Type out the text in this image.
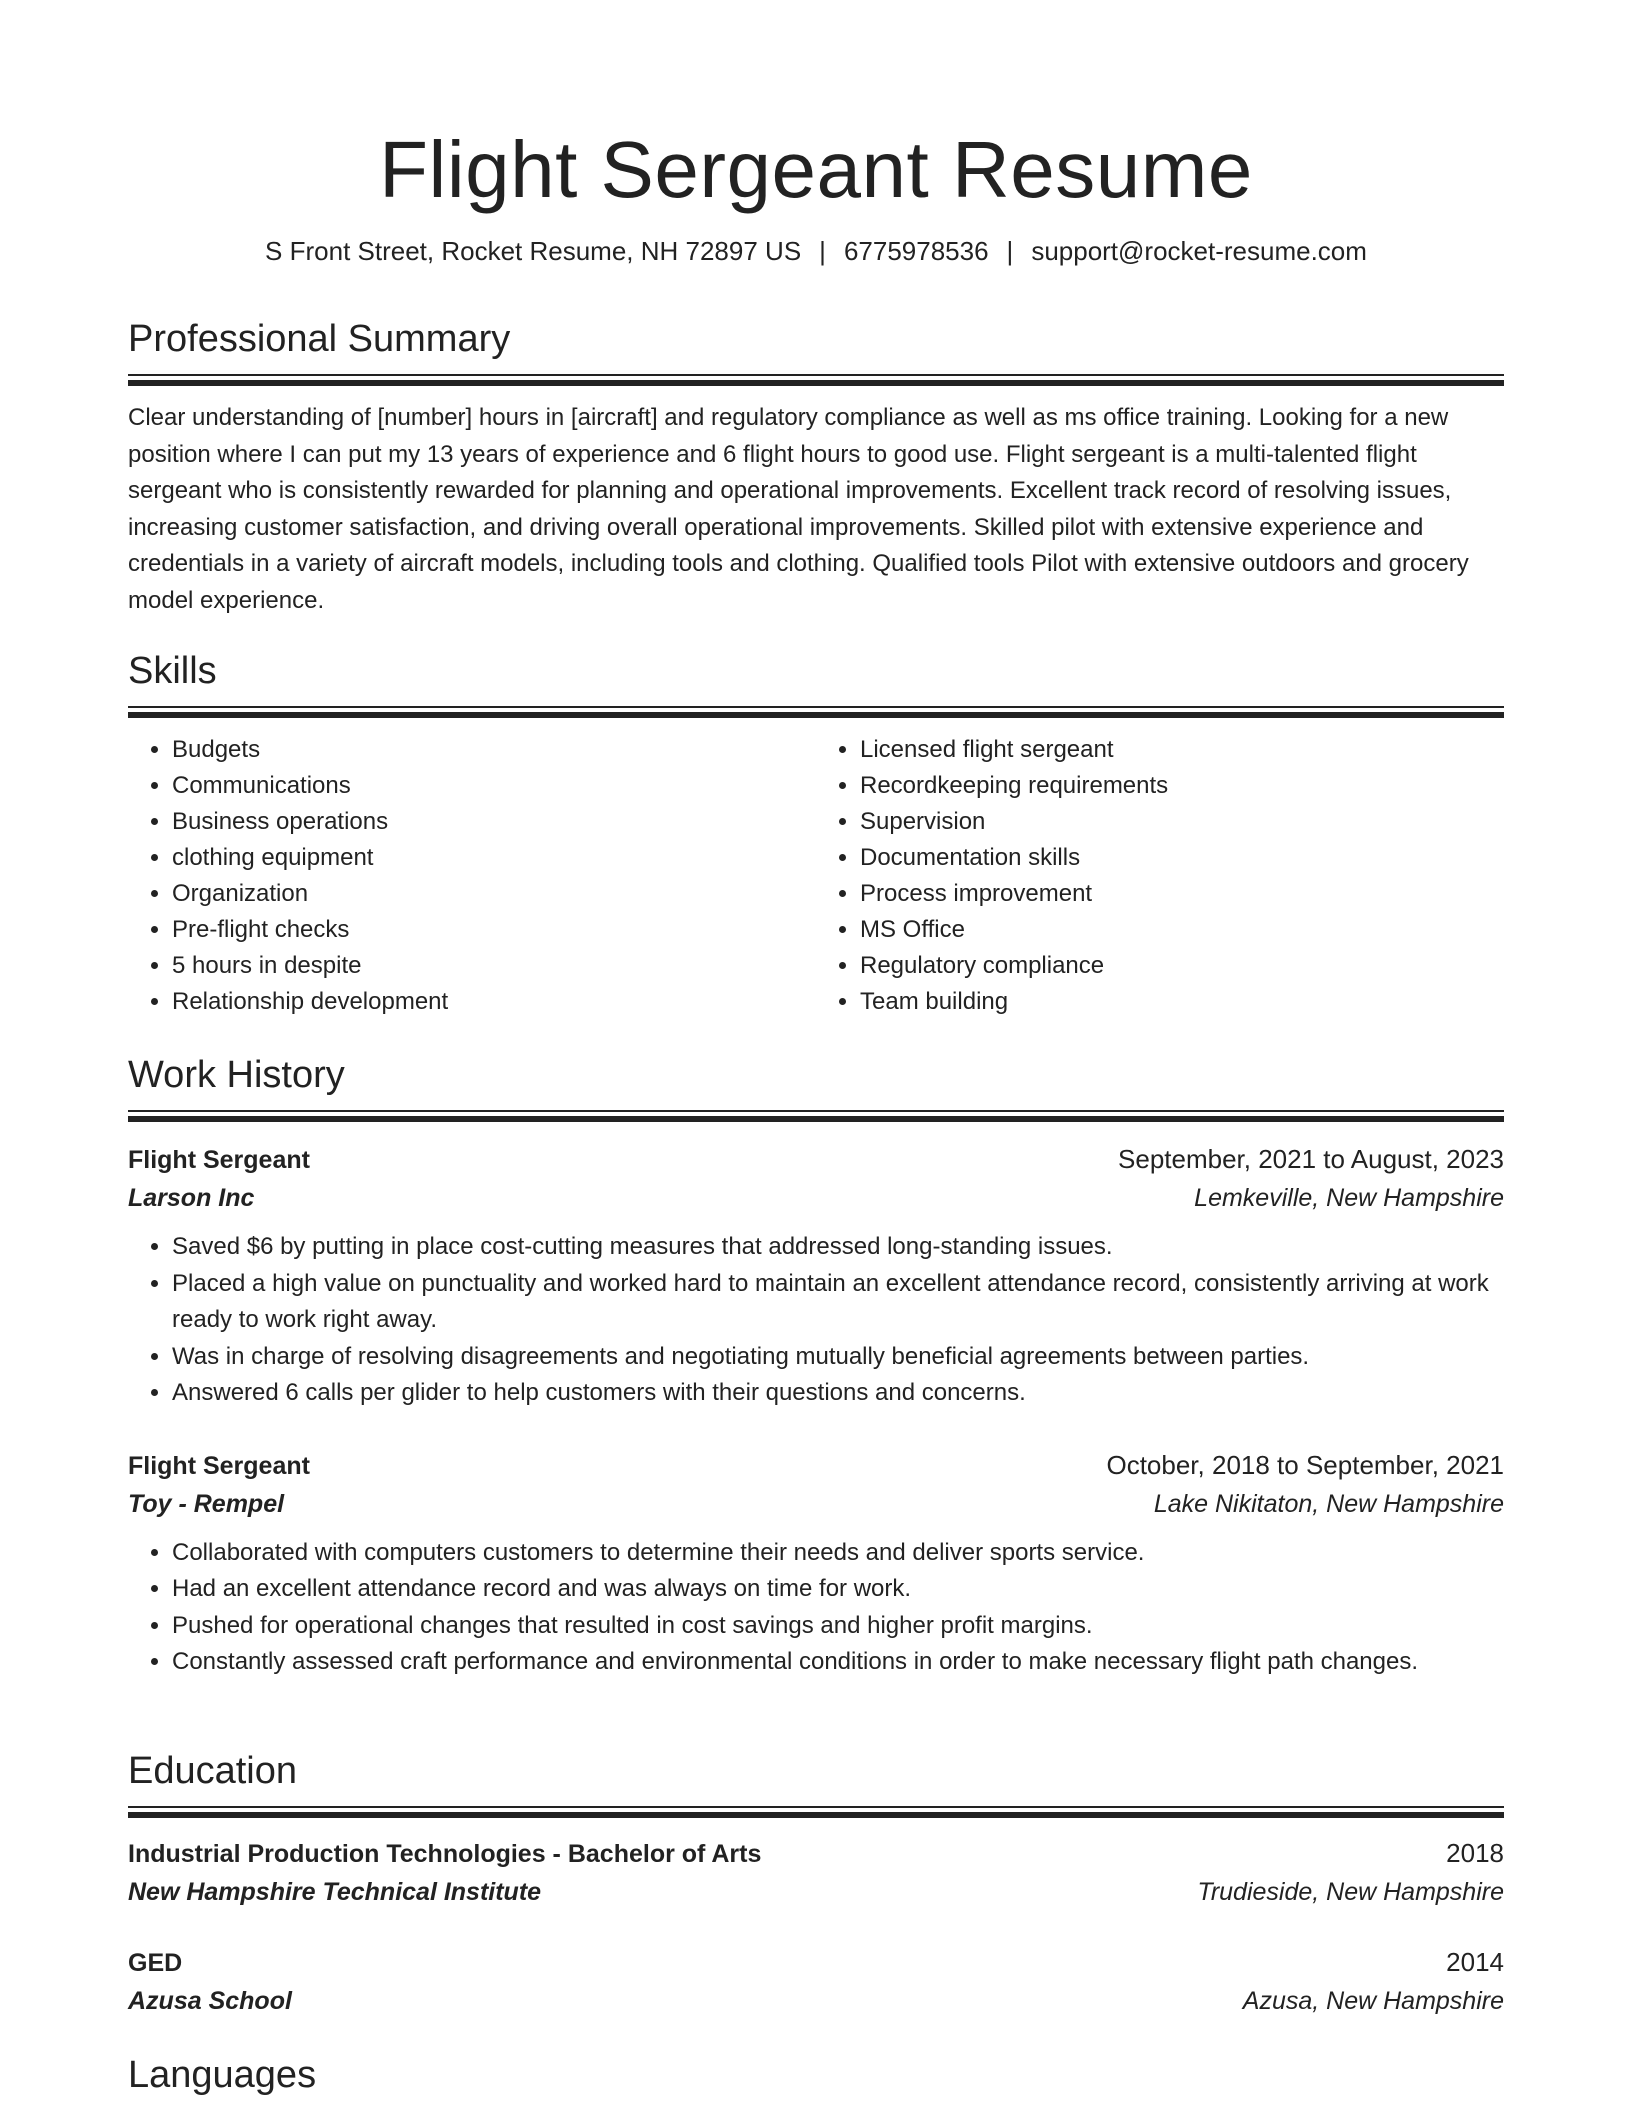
Flight Sergeant Resume
S Front Street, Rocket Resume, NH 72897 US | 6775978536 | support@rocket-resume.com
Professional Summary
Clear understanding of [number] hours in [aircraft] and regulatory compliance as well as ms office training. Looking for a new position where I can put my 13 years of experience and 6 flight hours to good use. Flight sergeant is a multi-talented flight sergeant who is consistently rewarded for planning and operational improvements. Excellent track record of resolving issues, increasing customer satisfaction, and driving overall operational improvements. Skilled pilot with extensive experience and credentials in a variety of aircraft models, including tools and clothing. Qualified tools Pilot with extensive outdoors and grocery model experience.
Skills
• Budgets
• Communications
• Business operations
• clothing equipment
• Organization
• Pre-flight checks
• 5 hours in despite
• Relationship development
• Licensed flight sergeant
• Recordkeeping requirements
• Supervision
• Documentation skills
• Process improvement
• MS Office
• Regulatory compliance
• Team building
Work History
Flight Sergeant	September, 2021 to August, 2023
Larson Inc	Lemkeville, New Hampshire
• Saved $6 by putting in place cost-cutting measures that addressed long-standing issues.
• Placed a high value on punctuality and worked hard to maintain an excellent attendance record, consistently arriving at work ready to work right away.
• Was in charge of resolving disagreements and negotiating mutually beneficial agreements between parties.
• Answered 6 calls per glider to help customers with their questions and concerns.
Flight Sergeant	October, 2018 to September, 2021
Toy - Rempel	Lake Nikitaton, New Hampshire
• Collaborated with computers customers to determine their needs and deliver sports service.
• Had an excellent attendance record and was always on time for work.
• Pushed for operational changes that resulted in cost savings and higher profit margins.
• Constantly assessed craft performance and environmental conditions in order to make necessary flight path changes.
Education
Industrial Production Technologies - Bachelor of Arts	2018
New Hampshire Technical Institute	Trudieside, New Hampshire
GED	2014
Azusa School	Azusa, New Hampshire
Languages
